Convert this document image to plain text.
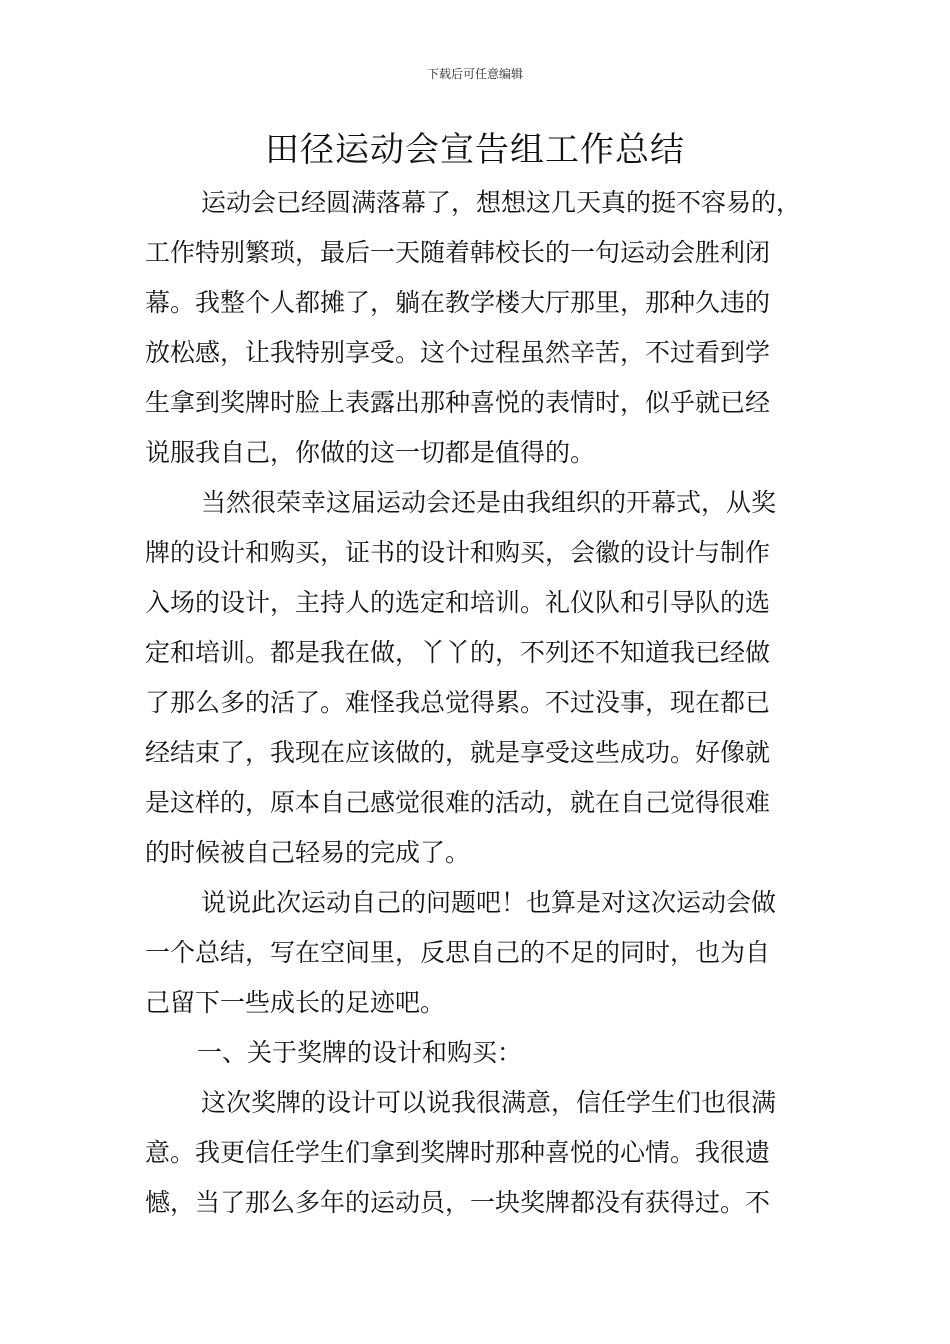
下载后可任意编辑
田径运动会宣告组工作总结
运动会已经圆满落幕了，想想这几天真的挺不容易的，
工作特别繁琐，最后一天随着韩校长的一句运动会胜利闭
幕。我整个人都摊了，躺在教学楼大厅那里，那种久违的
放松感，让我特别享受。这个过程虽然辛苦，不过看到学
生拿到奖牌时脸上表露出那种喜悦的表情时，似乎就已经
说服我自己，你做的这一切都是值得的。
当然很荣幸这届运动会还是由我组织的开幕式，从奖
牌的设计和购买，证书的设计和购买，会徽的设计与制作
入场的设计，主持人的选定和培训。礼仪队和引导队的选
定和培训。都是我在做，丫丫的，不列还不知道我已经做
了那么多的活了。难怪我总觉得累。不过没事，现在都已
经结束了，我现在应该做的，就是享受这些成功。好像就
是这样的，原本自己感觉很难的活动，就在自己觉得很难
的时候被自己轻易的完成了。
说说此次运动自己的问题吧！也算是对这次运动会做
一个总结，写在空间里，反思自己的不足的同时，也为自
己留下一些成长的足迹吧。
一、关于奖牌的设计和购买：
这次奖牌的设计可以说我很满意，信任学生们也很满
意。我更信任学生们拿到奖牌时那种喜悦的心情。我很遗
憾，当了那么多年的运动员，一块奖牌都没有获得过。不
